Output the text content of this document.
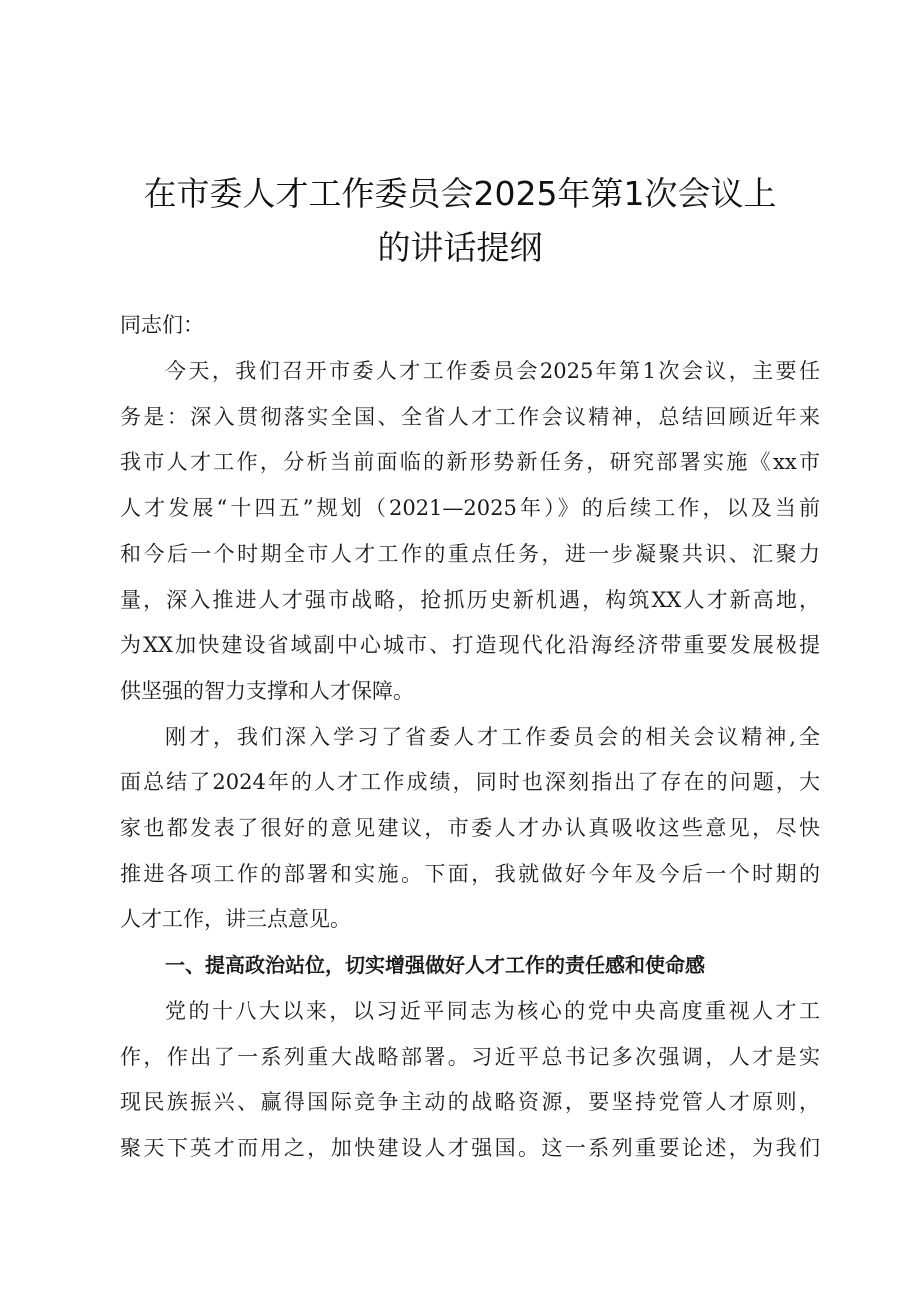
在市委人才工作委员会2025年第1次会议上
的讲话提纲
同志们：
今天，我们召开市委人才工作委员会2025年第1次会议，主要任
务是：深入贯彻落实全国、全省人才工作会议精神，总结回顾近年来
我市人才工作，分析当前面临的新形势新任务，研究部署实施《xx市
人才发展“十四五”规划（2021—2025年）》的后续工作，以及当前
和今后一个时期全市人才工作的重点任务，进一步凝聚共识、汇聚力
量，深入推进人才强市战略，抢抓历史新机遇，构筑XX人才新高地，
为XX加快建设省域副中心城市、打造现代化沿海经济带重要发展极提
供坚强的智力支撑和人才保障。
刚才，我们深入学习了省委人才工作委员会的相关会议精神,全
面总结了2024年的人才工作成绩，同时也深刻指出了存在的问题，大
家也都发表了很好的意见建议，市委人才办认真吸收这些意见，尽快
推进各项工作的部署和实施。下面，我就做好今年及今后一个时期的
人才工作，讲三点意见。
一、提高政治站位，切实增强做好人才工作的责任感和使命感
党的十八大以来，以习近平同志为核心的党中央高度重视人才工
作，作出了一系列重大战略部署。习近平总书记多次强调，人才是实
现民族振兴、赢得国际竞争主动的战略资源，要坚持党管人才原则，
聚天下英才而用之，加快建设人才强国。这一系列重要论述，为我们
